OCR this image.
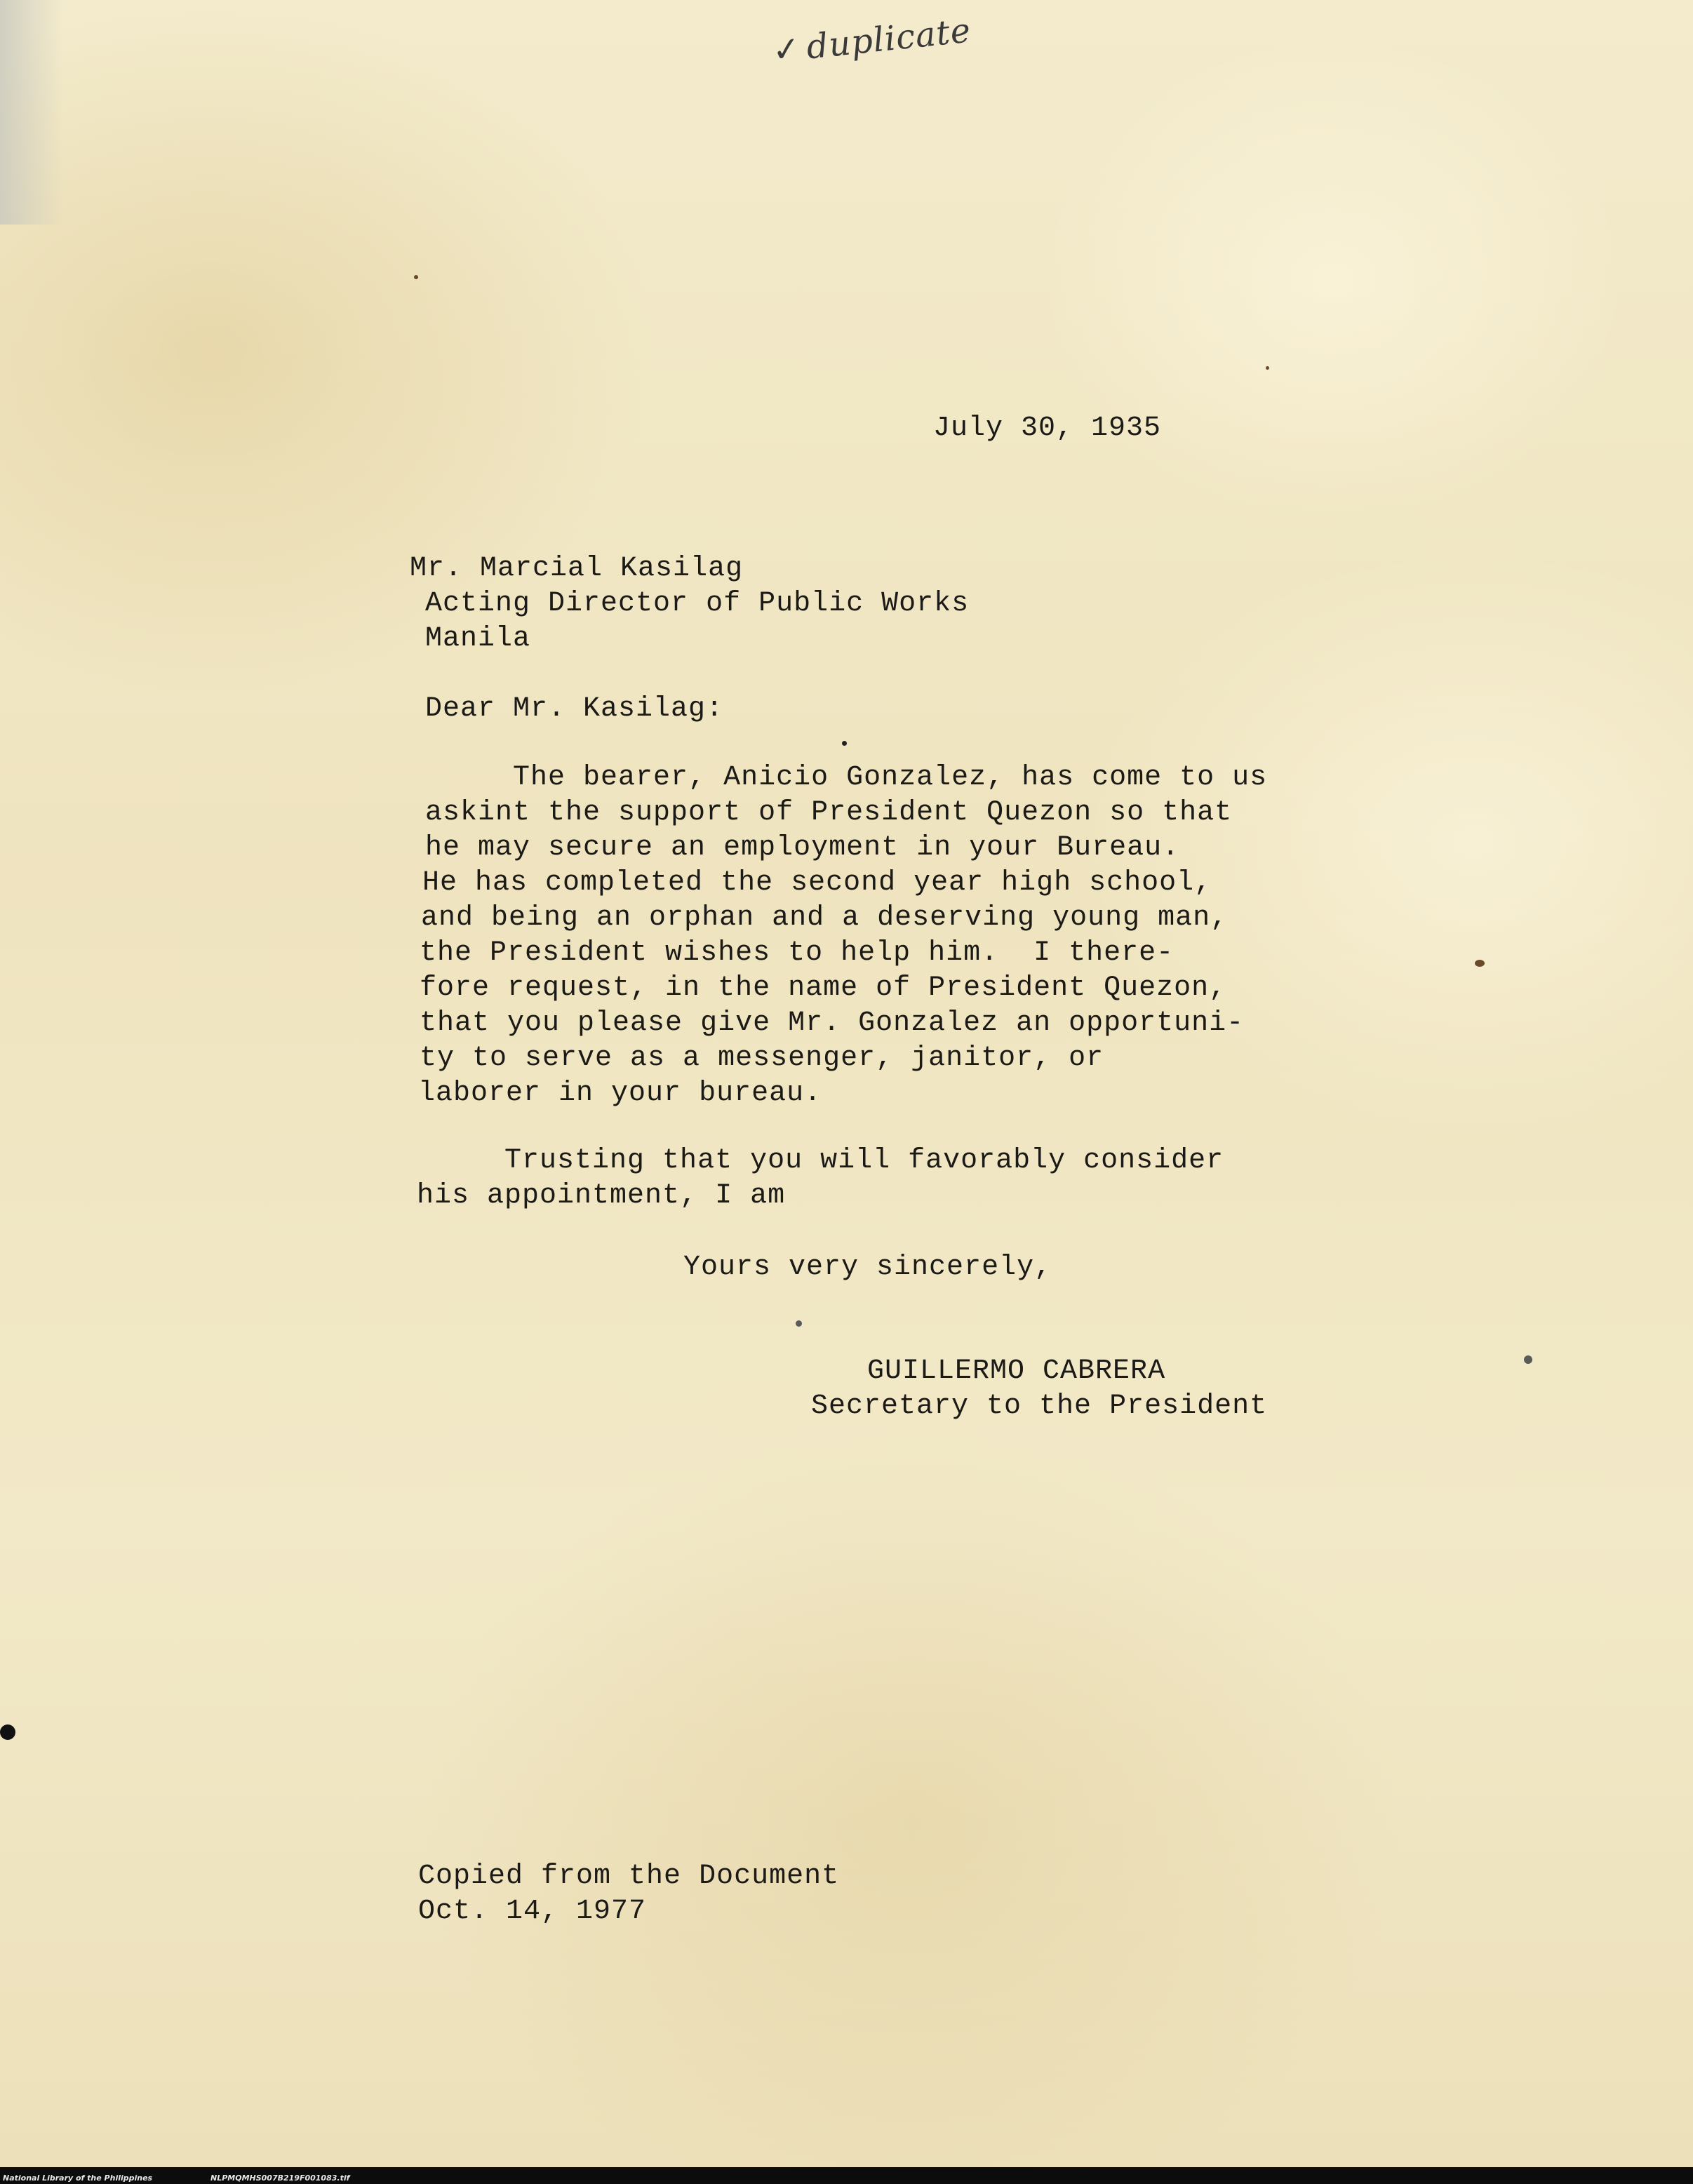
✓duplicate
July 30, 1935
Mr. Marcial Kasilag
Acting Director of Public Works
Manila
Dear Mr. Kasilag:
The bearer, Anicio Gonzalez, has come to us
askint the support of President Quezon so that
he may secure an employment in your Bureau.
He has completed the second year high school,
and being an orphan and a deserving young man,
the President wishes to help him.  I there-
fore request, in the name of President Quezon,
that you please give Mr. Gonzalez an opportuni-
ty to serve as a messenger, janitor, or
laborer in your bureau.
Trusting that you will favorably consider
his appointment, I am
Yours very sincerely,
GUILLERMO CABRERA
Secretary to the President
Copied from the Document
Oct. 14, 1977
National Library of the Philippines	NLPMQMHS007B219F001083.tif
